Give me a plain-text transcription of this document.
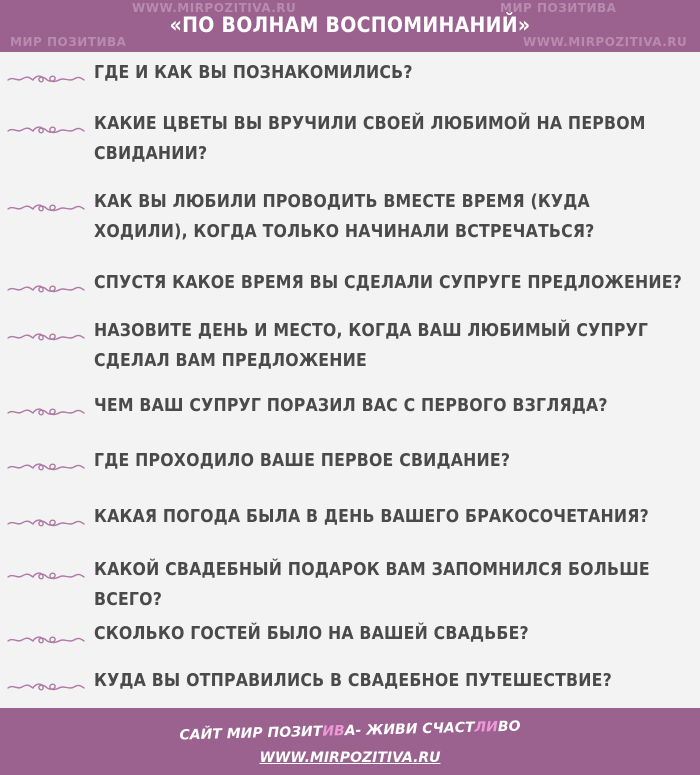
WWW.MIRPOZITIVA.RU	МИР ПОЗИТИВА
МИР ПОЗИТИВА	WWW.MIRPOZITIVA.RU
«ПО ВОЛНАМ ВОСПОМИНАНИЙ»
ГДЕ И КАК ВЫ ПОЗНАКОМИЛИСЬ?
КАКИЕ ЦВЕТЫ ВЫ ВРУЧИЛИ СВОЕЙ ЛЮБИМОЙ НА ПЕРВОМ СВИДАНИИ?
КАК ВЫ ЛЮБИЛИ ПРОВОДИТЬ ВМЕСТЕ ВРЕМЯ (КУДА ХОДИЛИ), КОГДА ТОЛЬКО НАЧИНАЛИ ВСТРЕЧАТЬСЯ?
СПУСТЯ КАКОЕ ВРЕМЯ ВЫ СДЕЛАЛИ СУПРУГЕ ПРЕДЛОЖЕНИЕ?
НАЗОВИТЕ ДЕНЬ И МЕСТО, КОГДА ВАШ ЛЮБИМЫЙ СУПРУГ СДЕЛАЛ ВАМ ПРЕДЛОЖЕНИЕ
ЧЕМ ВАШ СУПРУГ ПОРАЗИЛ ВАС С ПЕРВОГО ВЗГЛЯДА?
ГДЕ ПРОХОДИЛО ВАШЕ ПЕРВОЕ СВИДАНИЕ?
КАКАЯ ПОГОДА БЫЛА В ДЕНЬ ВАШЕГО БРАКОСОЧЕТАНИЯ?
КАКОЙ СВАДЕБНЫЙ ПОДАРОК ВАМ ЗАПОМНИЛСЯ БОЛЬШЕ ВСЕГО?
СКОЛЬКО ГОСТЕЙ БЫЛО НА ВАШЕЙ СВАДЬБЕ?
КУДА ВЫ ОТПРАВИЛИСЬ В СВАДЕБНОЕ ПУТЕШЕСТВИЕ?
САЙТ МИР ПОЗИТИВА- ЖИВИ СЧАСТЛИВО
WWW.MIRPOZITIVA.RU
